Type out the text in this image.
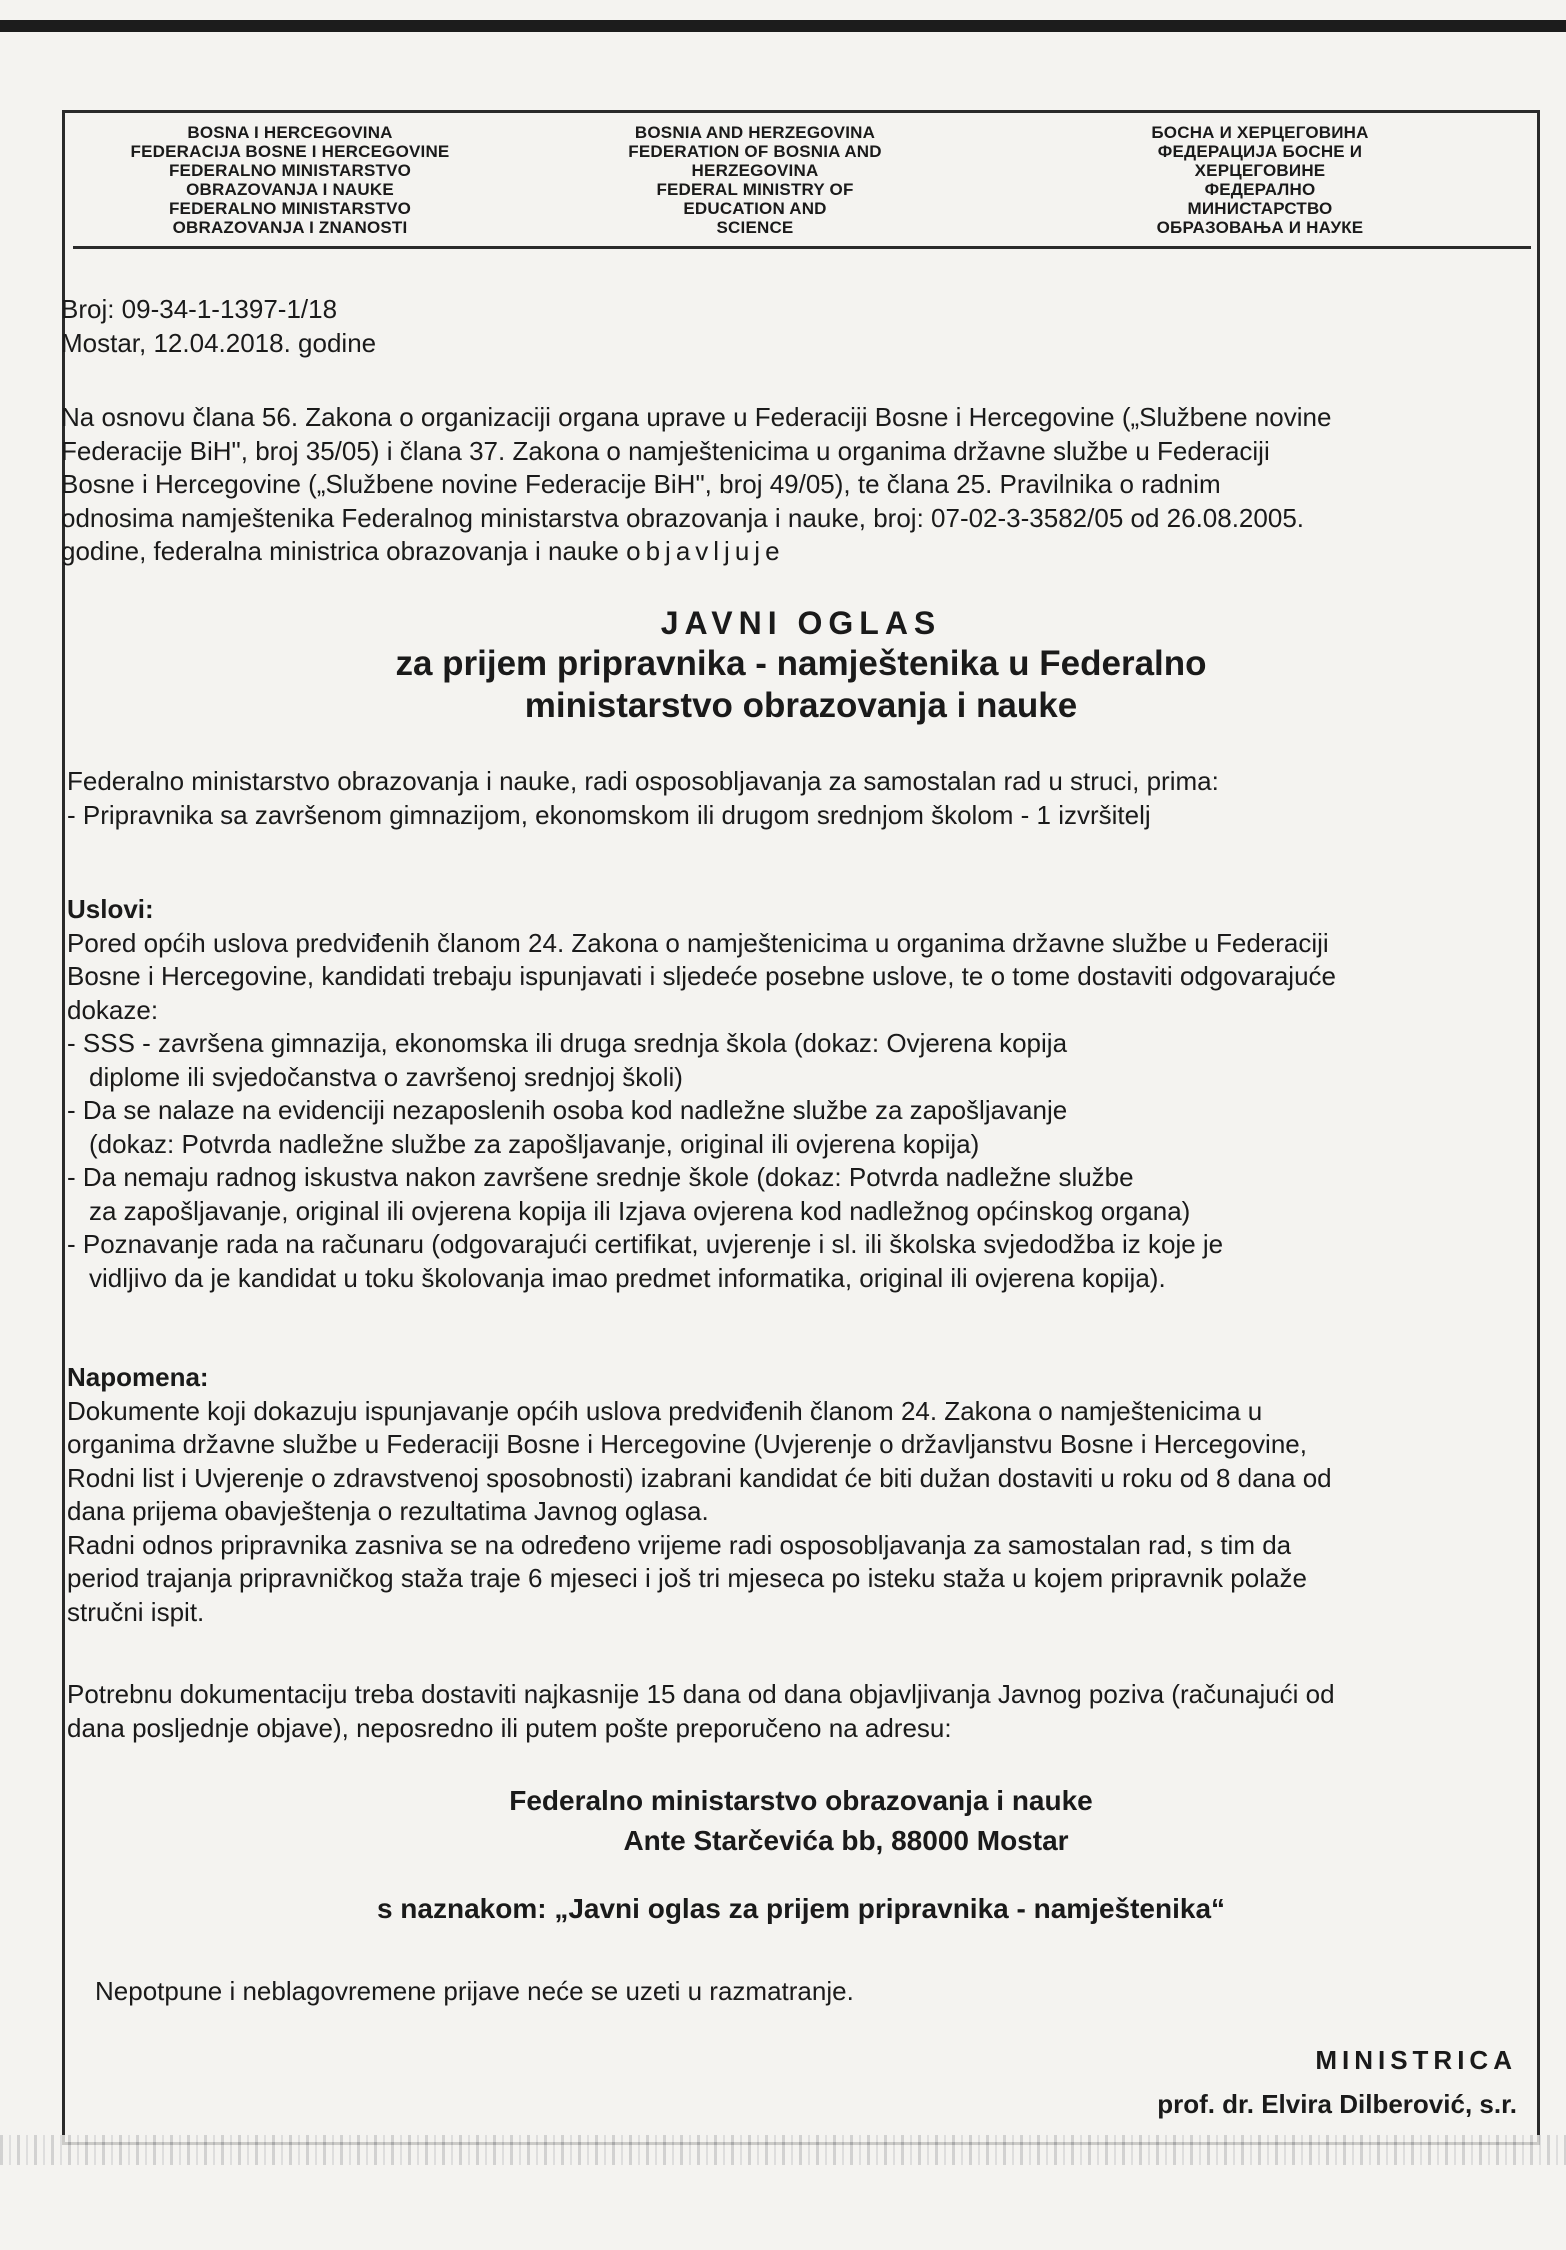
BOSNA I HERCEGOVINA
FEDERACIJA BOSNE I HERCEGOVINE
FEDERALNO MINISTARSTVO
OBRAZOVANJA I NAUKE
FEDERALNO MINISTARSTVO
OBRAZOVANJA I ZNANOSTI
BOSNIA AND HERZEGOVINA
FEDERATION OF BOSNIA AND
HERZEGOVINA
FEDERAL MINISTRY OF
EDUCATION AND
SCIENCE
БОСНА И ХЕРЦЕГОВИНА
ФЕДЕРАЦИЈА БОСНЕ И
ХЕРЦЕГОВИНЕ
ФЕДЕРАЛНО
МИНИСТАРСТВО
ОБРАЗОВАЊА И НАУКЕ
Broj: 09-34-1-1397-1/18
Mostar, 12.04.2018. godine
Na osnovu člana 56. Zakona o organizaciji organa uprave u Federaciji Bosne i Hercegovine („Službene novine
Federacije BiH", broj 35/05) i člana 37. Zakona o namještenicima u organima državne službe u Federaciji
Bosne i Hercegovine („Službene novine Federacije BiH", broj 49/05), te člana 25. Pravilnika o radnim
odnosima namještenika Federalnog ministarstva obrazovanja i nauke, broj: 07-02-3-3582/05 od 26.08.2005.
godine, federalna ministrica obrazovanja i nauke objavljuje
JAVNI OGLAS
za prijem pripravnika - namještenika u Federalno
ministarstvo obrazovanja i nauke
Federalno ministarstvo obrazovanja i nauke, radi osposobljavanja za samostalan rad u struci, prima:
- Pripravnika sa završenom gimnazijom, ekonomskom ili drugom srednjom školom - 1 izvršitelj
Uslovi:
Pored općih uslova predviđenih članom 24. Zakona o namještenicima u organima državne službe u Federaciji
Bosne i Hercegovine, kandidati trebaju ispunjavati i sljedeće posebne uslove, te o tome dostaviti odgovarajuće
dokaze:
- SSS - završena gimnazija, ekonomska ili druga srednja škola (dokaz: Ovjerena kopija
diplome ili svjedočanstva o završenoj srednjoj školi)
- Da se nalaze na evidenciji nezaposlenih osoba kod nadležne službe za zapošljavanje
(dokaz: Potvrda nadležne službe za zapošljavanje, original ili ovjerena kopija)
- Da nemaju radnog iskustva nakon završene srednje škole (dokaz: Potvrda nadležne službe
za zapošljavanje, original ili ovjerena kopija ili Izjava ovjerena kod nadležnog općinskog organa)
- Poznavanje rada na računaru (odgovarajući certifikat, uvjerenje i sl. ili školska svjedodžba iz koje je
vidljivo da je kandidat u toku školovanja imao predmet informatika, original ili ovjerena kopija).
Napomena:
Dokumente koji dokazuju ispunjavanje općih uslova predviđenih članom 24. Zakona o namještenicima u
organima državne službe u Federaciji Bosne i Hercegovine (Uvjerenje o državljanstvu Bosne i Hercegovine,
Rodni list i Uvjerenje o zdravstvenoj sposobnosti) izabrani kandidat će biti dužan dostaviti u roku od 8 dana od
dana prijema obavještenja o rezultatima Javnog oglasa.
Radni odnos pripravnika zasniva se na određeno vrijeme radi osposobljavanja za samostalan rad, s tim da
period trajanja pripravničkog staža traje 6 mjeseci i još tri mjeseca po isteku staža u kojem pripravnik polaže
stručni ispit.
Potrebnu dokumentaciju treba dostaviti najkasnije 15 dana od dana objavljivanja Javnog poziva (računajući od
dana posljednje objave), neposredno ili putem pošte preporučeno na adresu:
Federalno ministarstvo obrazovanja i nauke
Ante Starčevića bb, 88000 Mostar
s naznakom: „Javni oglas za prijem pripravnika - namještenika“
Nepotpune i neblagovremene prijave neće se uzeti u razmatranje.
MINISTRICA
prof. dr. Elvira Dilberović, s.r.
